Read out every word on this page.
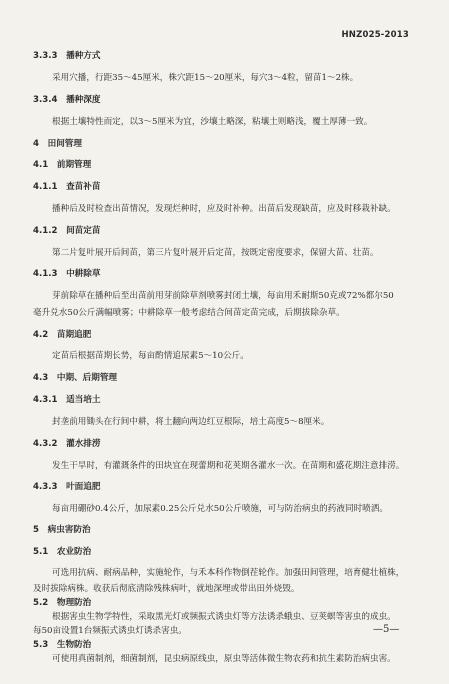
HNZ025-2013
3.3.3　 播种方式
采用穴播，行距35～45厘米，株穴距15～20厘米，每穴3～4粒，留苗1～2株。
3.3.4　 播种深度
根据土壤特性而定，以3～5厘米为宜，沙壤土略深，粘壤土则略浅，覆土厚薄一致。
4　 田间管理
4.1　 前期管理
4.1.1　 查苗补苗
播种后及时检查出苗情况，发现烂种时，应及时补种。出苗后发现缺苗，应及时移栽补缺。
4.1.2　 间苗定苗
第二片复叶展开后间苗，第三片复叶展开后定苗，按既定密度要求，保留大苗、壮苗。
4.1.3　 中耕除草
芽前除草在播种后至出苗前用芽前除草剂喷雾封闭土壤，每亩用禾耐斯50克或72%都尔50
毫升兑水50公斤满幅喷雾；中耕除草一般考虑结合间苗定苗完成，后期拔除杂草。
4.2　 苗期追肥
定苗后根据苗期长势，每亩酌情追尿素5～10公斤。
4.3　 中期、后期管理
4.3.1　 适当培土
封垄前用锄头在行间中耕，将土翻向两边红豆根际，培土高度5～8厘米。
4.3.2　 灌水排涝
发生干旱时，有灌溉条件的田块宜在现蕾期和花荚期各灌水一次。在苗期和盛花期注意排涝。
4.3.3　 叶面追肥
每亩用硼砂0.4公斤，加尿素0.25公斤兑水50公斤喷施，可与防治病虫的药液同时喷洒。
5　 病虫害防治
5.1　 农业防治
可选用抗病、耐病品种，实施轮作，与禾本科作物倒茬轮作。加强田间管理，培育健壮植株，
及时拔除病株。收获后彻底清除残株病叶，就地深埋或带出田外烧毁。
5.2　 物理防治
根据害虫生物学特性，采取黑光灯或频振式诱虫灯等方法诱杀蛾虫、豆荚螟等害虫的成虫。
每50亩设置1台频振式诱虫灯诱杀害虫。
5.3　 生物防治
可使用真菌制剂，细菌制剂，昆虫病原线虫，原虫等活体微生物农药和抗生素防治病虫害。
—5—
